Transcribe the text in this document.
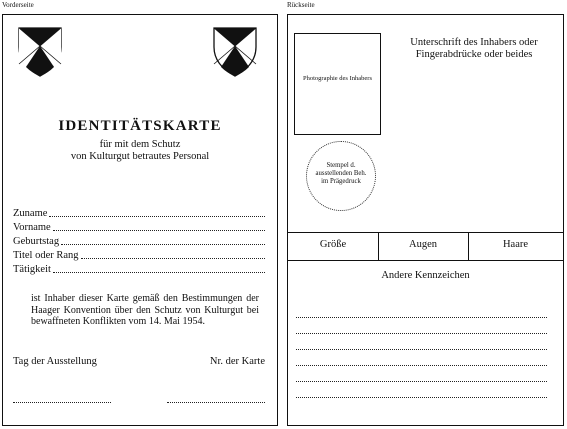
Vorderseite	Rückseite
IDENTITÄTSKARTE
für mit dem Schutz
von Kulturgut betrautes Personal
Zuname
Vorname
Geburtstag
Titel oder Rang
Tätigkeit
ist Inhaber dieser Karte gemäß den Bestimmungen der Haager Konvention über den Schutz von Kulturgut bei bewaffneten Konflikten vom 14. Mai 1954.
Tag der Ausstellung	Nr. der Karte
Photographie des Inhabers
Unterschrift des Inhabers oder Fingerabdrücke oder beides
Stempel d. ausstellenden Beh. im Prägedruck
Größe	Augen	Haare
Andere Kennzeichen
